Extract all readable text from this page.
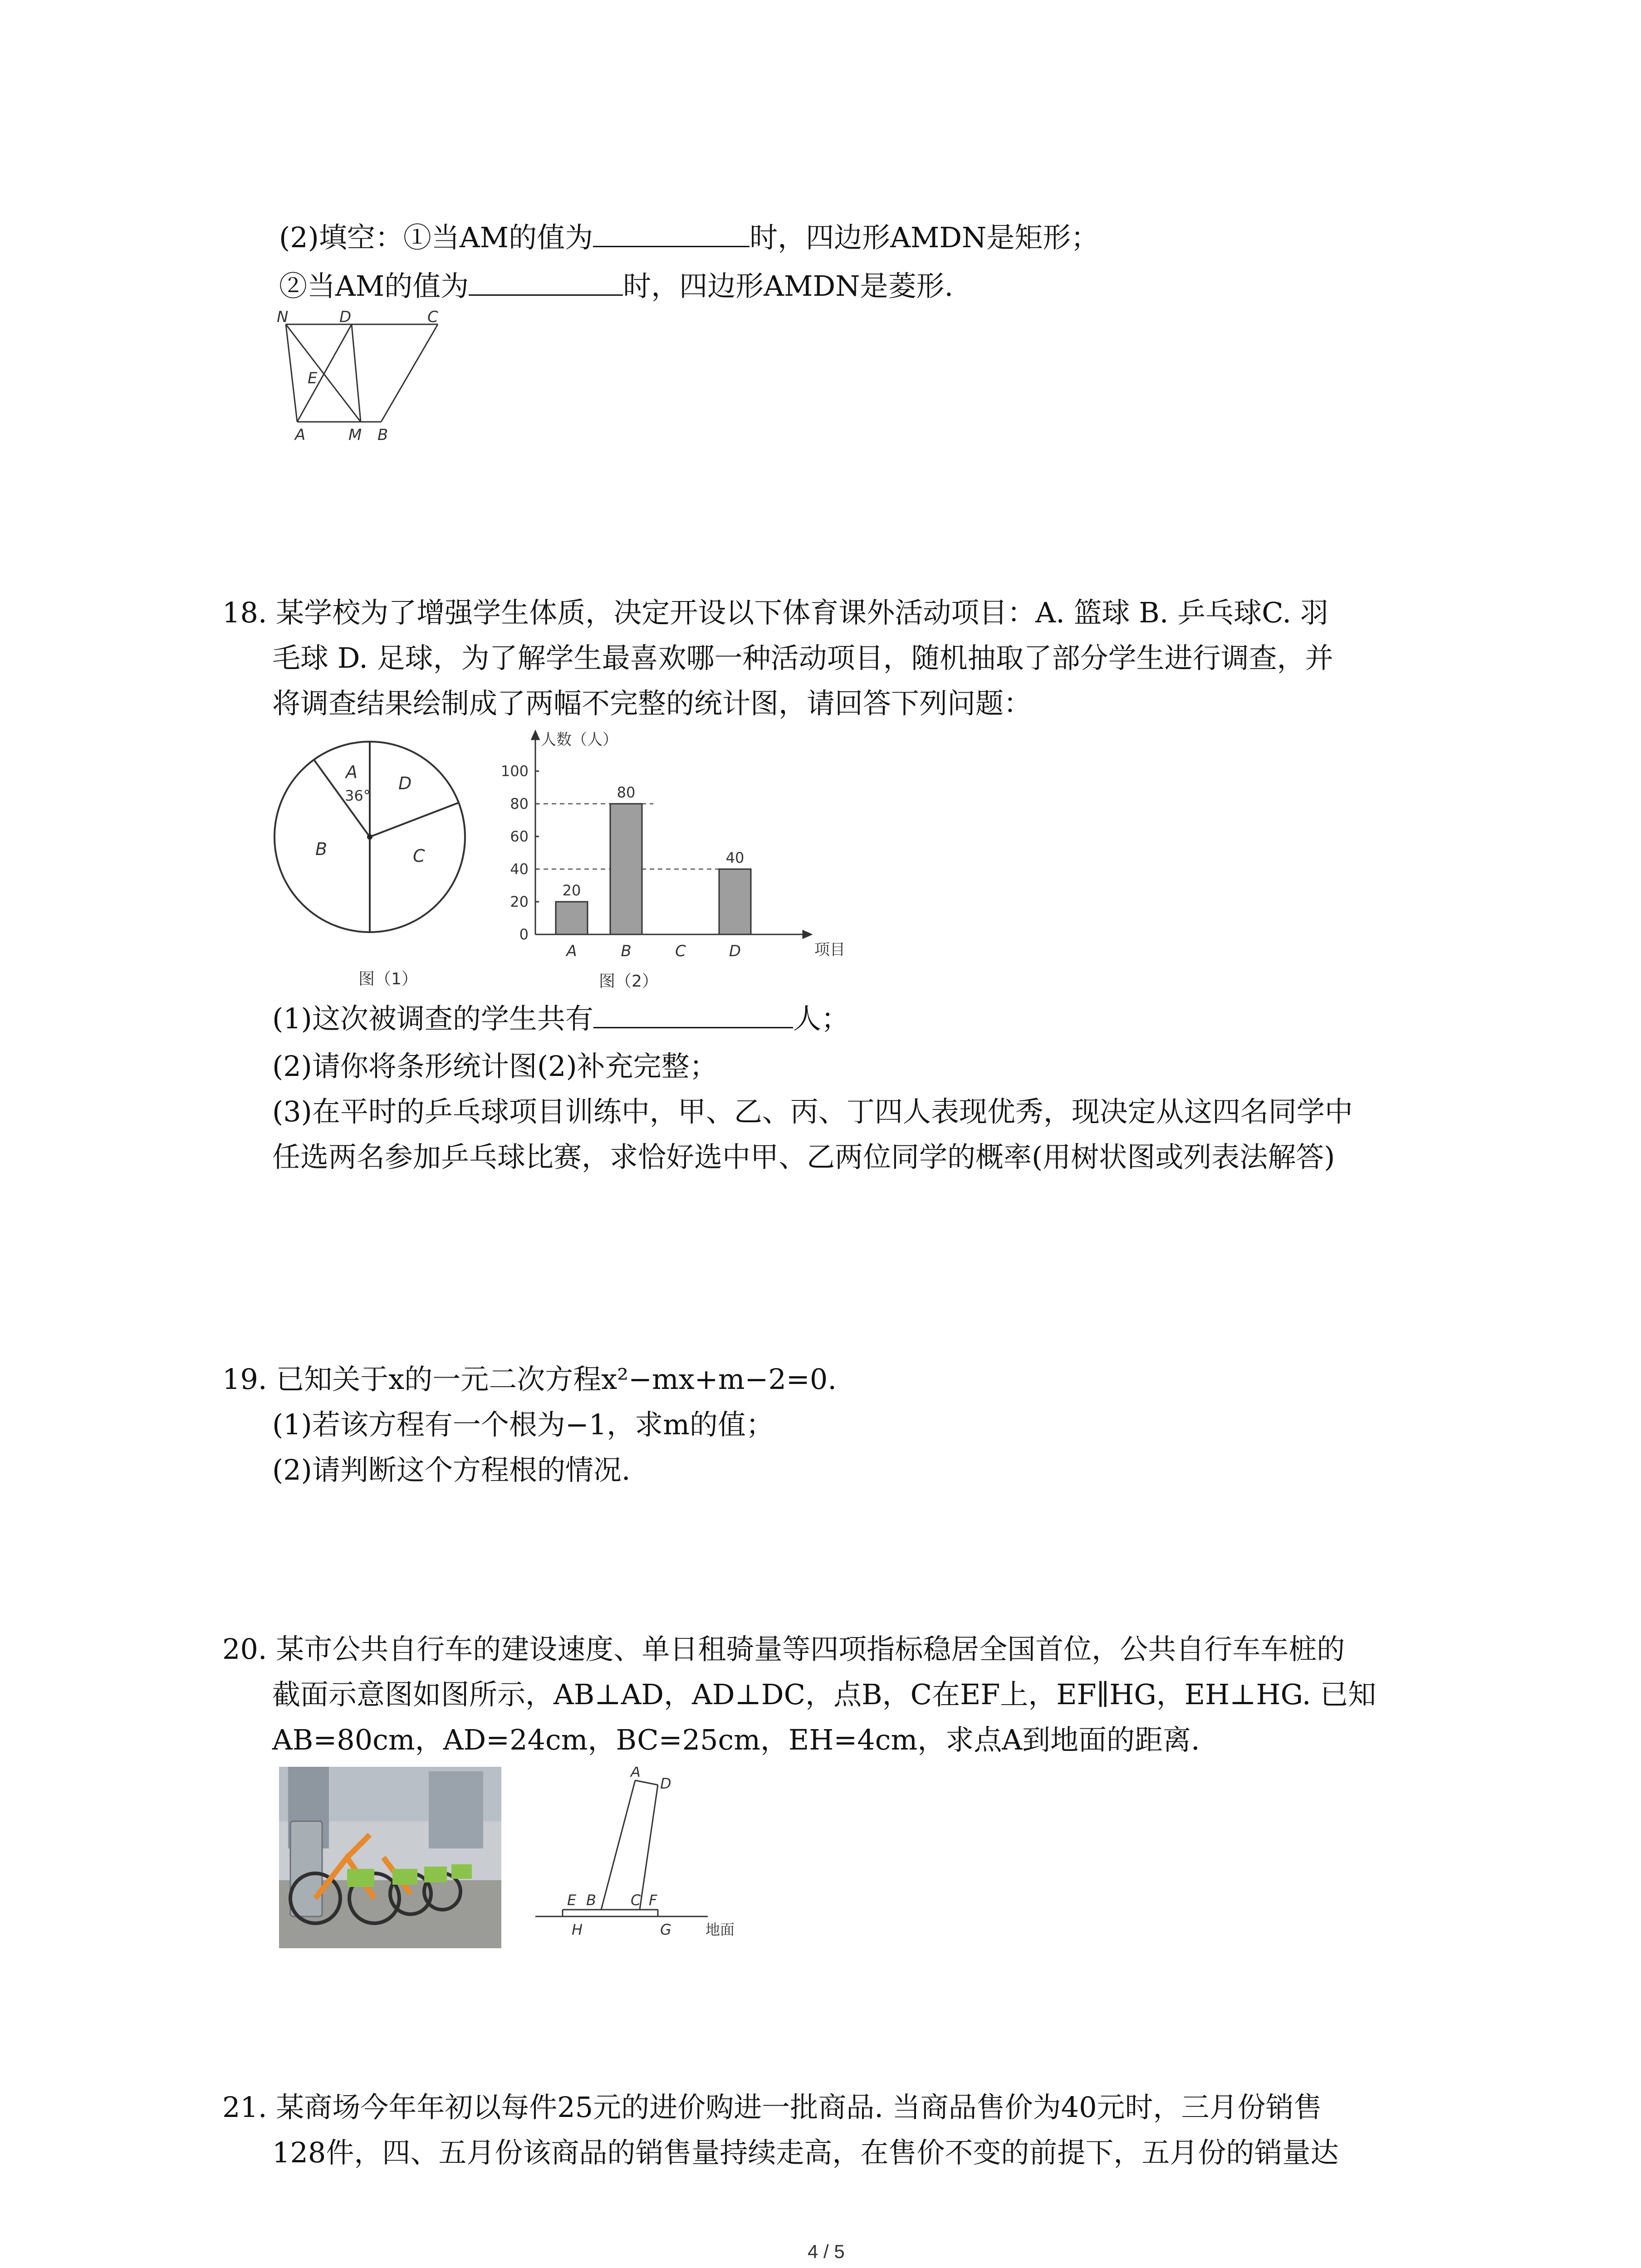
(2)填空：①当AM的值为	时，四边形AMDN是矩形；
②当AM的值为	时，四边形AMDN是菱形.
N	D	C
E
A	M B
18. 某学校为了增强学生体质，决定开设以下体育课外活动项目：A. 篮球 B. 乒乓球C. 羽
毛球 D. 足球，为了解学生最喜欢哪一种活动项目，随机抽取了部分学生进行调查，并
将调查结果绘制成了两幅不完整的统计图，请回答下列问题：
A
D
B	C
36°
图（1）
人数（人）
项目
0
20
40
60
80
100
20
A
80
B	C
40
D
图（2）
(1)这次被调查的学生共有	人；
(2)请你将条形统计图(2)补充完整；
(3)在平时的乒乓球项目训练中，甲、乙、丙、丁四人表现优秀，现决定从这四名同学中
任选两名参加乒乓球比赛，求恰好选中甲、乙两位同学的概率(用树状图或列表法解答)
19. 已知关于x的一元二次方程x²−mx+m−2=0.
(1)若该方程有一个根为−1，求m的值；
(2)请判断这个方程根的情况.
20. 某市公共自行车的建设速度、单日租骑量等四项指标稳居全国首位，公共自行车车桩的
截面示意图如图所示，AB⊥AD，AD⊥DC，点B，C在EF上，EF∥HG，EH⊥HG. 已知
AB=80cm，AD=24cm，BC=25cm，EH=4cm，求点A到地面的距离.
A
D
E B C F
H	G 地面
21. 某商场今年年初以每件25元的进价购进一批商品. 当商品售价为40元时，三月份销售
128件，四、五月份该商品的销售量持续走高，在售价不变的前提下，五月份的销量达
4 / 5
